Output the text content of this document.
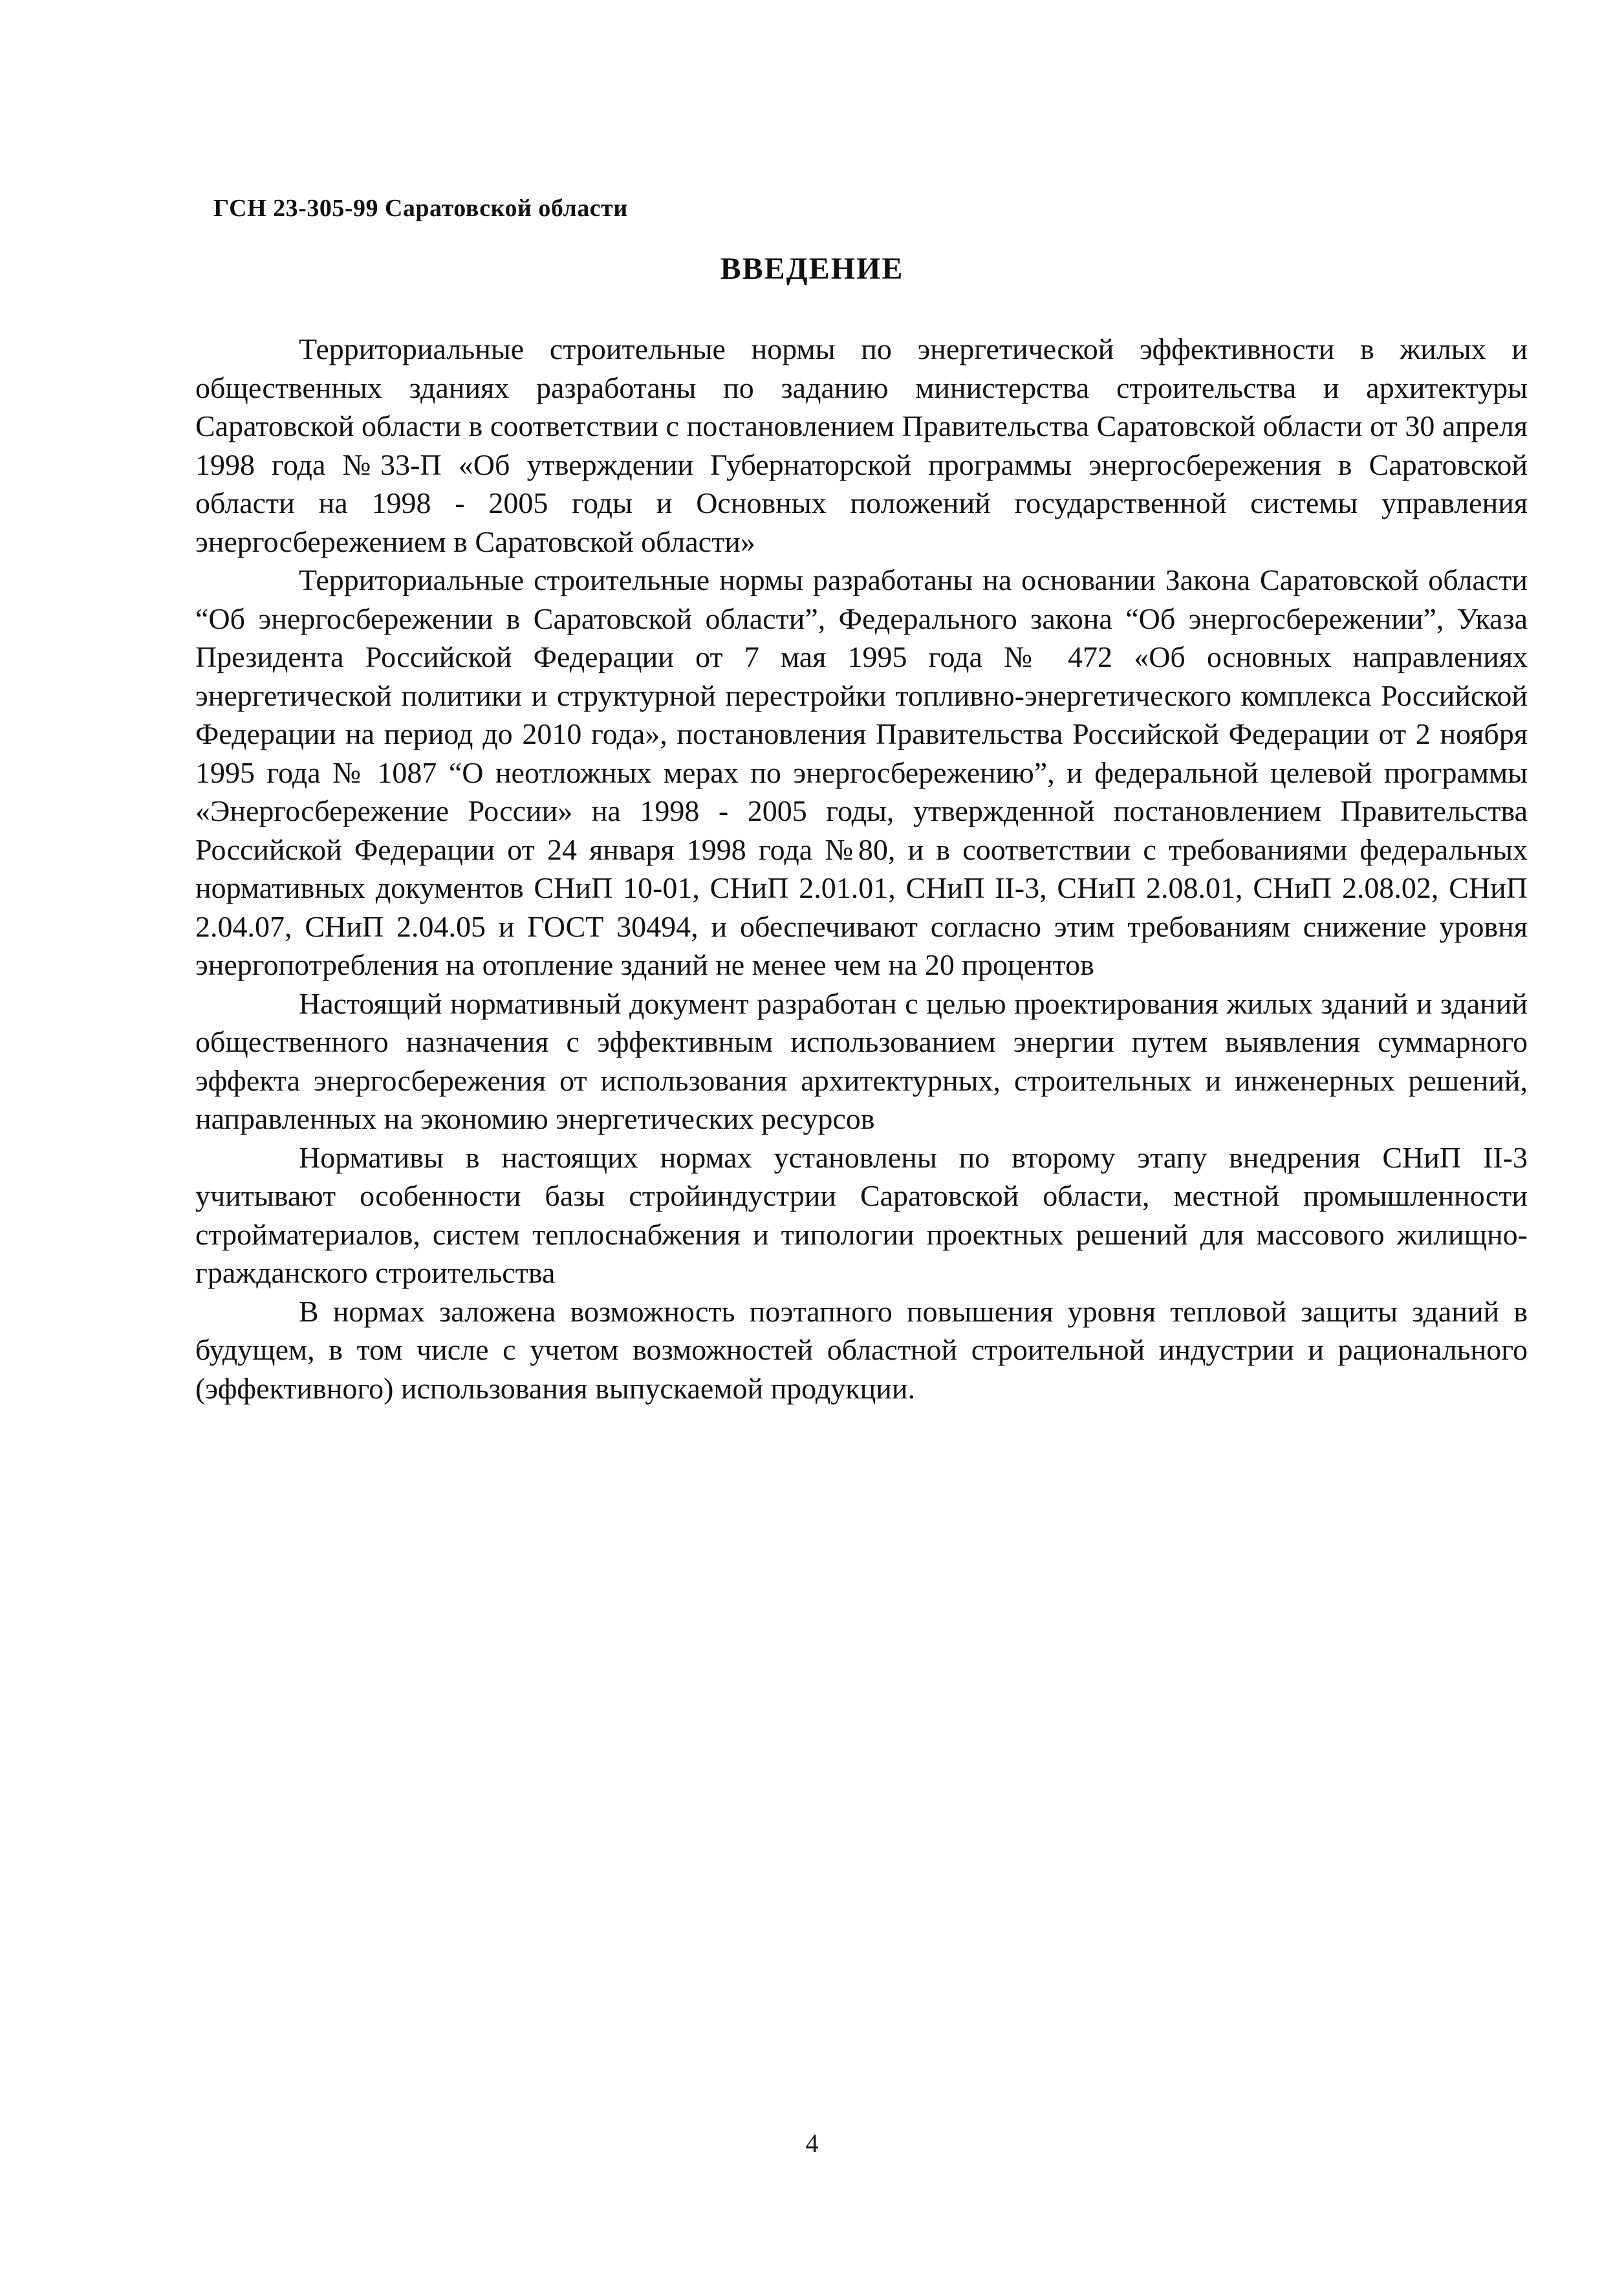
ГСН 23-305-99 Саратовской области
ВВЕДЕНИЕ

Территориальные строительные нормы по энергетической эффективности в жилых и общественных зданиях разработаны по заданию министерства строительства и архитектуры Саратовской области в соответствии с постановлением Правительства Саратовской области от 30 апреля 1998 года №33-П «Об утверждении Губернаторской программы энергосбережения в Саратовской области на 1998 - 2005 годы и Основных положений государственной системы управления энергосбережением в Саратовской области»

Территориальные строительные нормы разработаны на основании Закона Саратовской области “Об энергосбережении в Саратовской области”, Федерального закона “Об энергосбережении”, Указа Президента Российской Федерации от 7 мая 1995 года № 472 «Об основных направлениях энергетической политики и структурной перестройки топливно-энергетического комплекса Российской Федерации на период до 2010 года», постановления Правительства Российской Федерации от 2 ноября 1995 года № 1087 “О неотложных мерах по энергосбережению”, и федеральной целевой программы «Энергосбережение России» на 1998 - 2005 годы, утвержденной постановлением Правительства Российской Федерации от 24 января 1998 года №80, и в соответствии с требованиями федеральных нормативных документов СНиП 10-01, СНиП 2.01.01, СНиП II-3, СНиП 2.08.01, СНиП 2.08.02, СНиП 2.04.07, СНиП 2.04.05 и ГОСТ 30494, и обеспечивают согласно этим требованиям снижение уровня энергопотребления на отопление зданий не менее чем на 20 процентов

Настоящий нормативный документ разработан с целью проектирования жилых зданий и зданий общественного назначения с эффективным использованием энергии путем выявления суммарного эффекта энергосбережения от использования архитектурных, строительных и инженерных решений, направленных на экономию энергетических ресурсов

Нормативы в настоящих нормах установлены по второму этапу внедрения СНиП II-3 учитывают особенности базы стройиндустрии Саратовской области, местной промышленности стройматериалов, систем теплоснабжения и типологии проектных решений для массового жилищно-гражданского строительства

В нормах заложена возможность поэтапного повышения уровня тепловой защиты зданий в будущем, в том числе с учетом возможностей областной строительной индустрии и рационального (эффективного) использования выпускаемой продукции.

4
